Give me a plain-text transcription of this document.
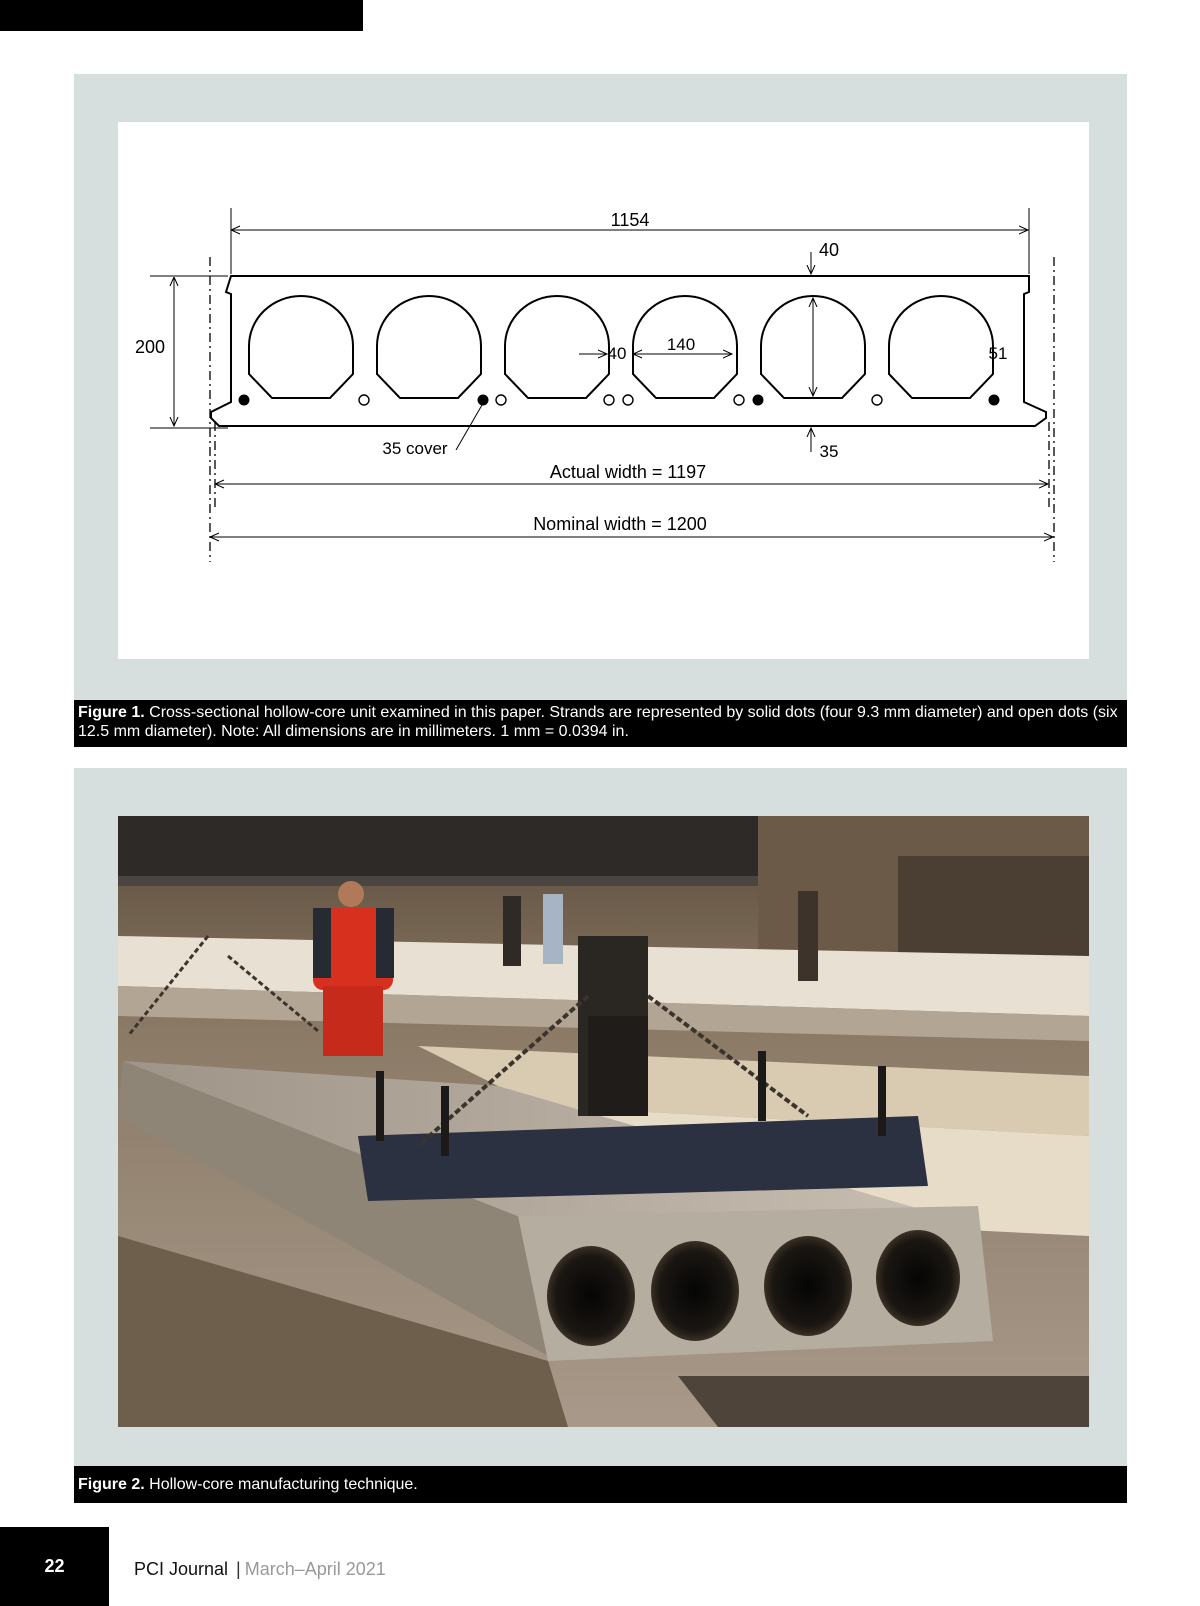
1154
200
40
40 140	51
35 cover	35
Actual width = 1197
Nominal width = 1200
Figure 1. Cross-sectional hollow-core unit examined in this paper. Strands are represented by solid dots (four 9.3 mm diameter) and open dots (six 12.5 mm diameter). Note: All dimensions are in millimeters. 1 mm = 0.0394 in.
Figure 2. Hollow-core manufacturing technique.
22	PCI Journal | March–April 2021
